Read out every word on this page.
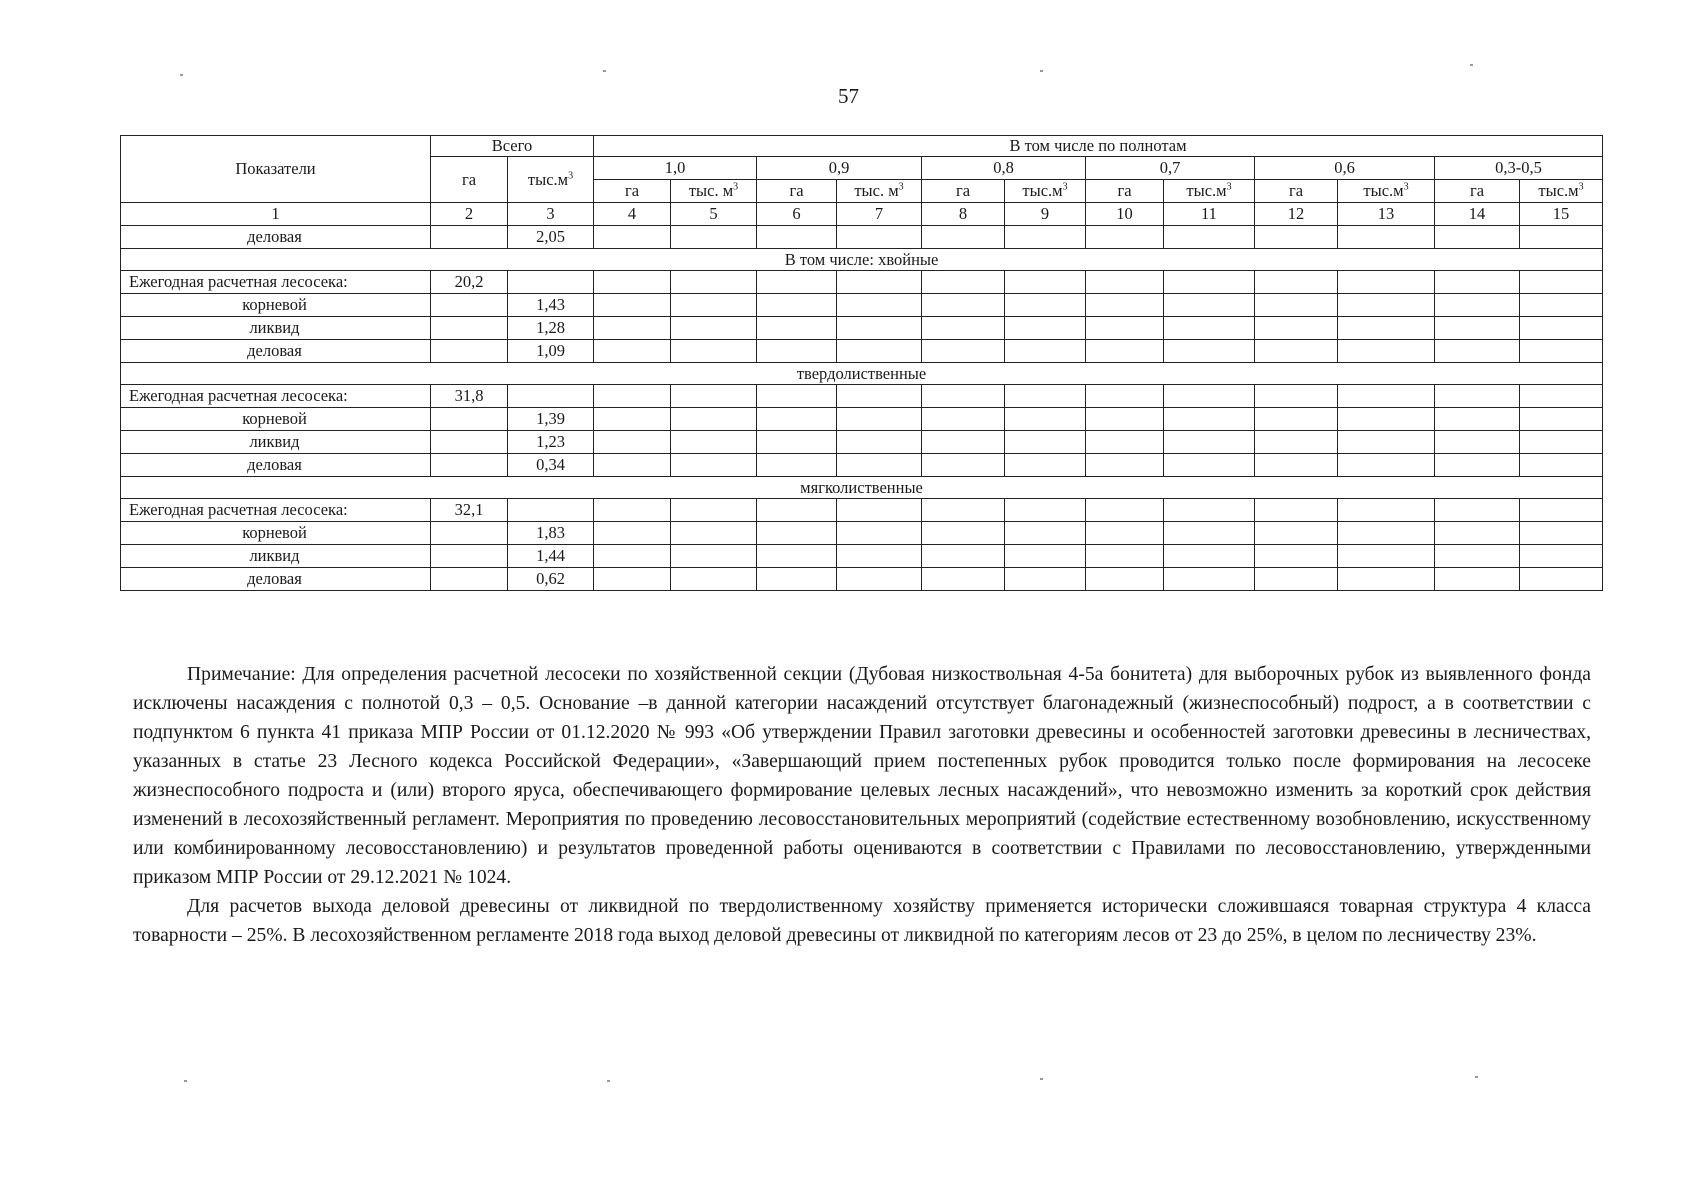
57
Показатели	Всего		В том числе по полнотам											
	га	$тыс.м^3$	1,0		0,9		0,8		0,7		0,6		0,3-0,5	
			га	тыс. $м^3$	га	тыс. $м^3$	га	$тыс.м^3$	га	$тыс.м^3$	га	$тыс.м^3$	га	$тыс.м^3$
1	2	3	4	5	6	7	8	9	10	11	12	13	14	15
деловая		2,05												
В том числе: хвойные														
Ежегодная расчетная лесосека:	20,2													
корневой		1,43												
ликвид		1,28												
деловая		1,09												
твердолиственные														
Ежегодная расчетная лесосека:	31,8													
корневой		1,39												
ликвид		1,23												
деловая		0,34												
мягколиственные														
Ежегодная расчетная лесосека:	32,1													
корневой		1,83												
ликвид		1,44												
деловая		0,62												

Примечание: Для определения расчетной лесосеки по хозяйственной секции (Дубовая низкоствольная 4-5а бонитета) для выборочных рубок из выявленного фонда исключены насаждения с полнотой 0,3 – 0,5. Основание –в данной категории насаждений отсутствует благонадежный (жизнеспособный) подрост, а в соответствии с подпунктом 6 пункта 41 приказа МПР России от 01.12.2020 № 993 «Об утверждении Правил заготовки древесины и особенностей заготовки древесины в лесничествах, указанных в статье 23 Лесного кодекса Российской Федерации», «Завершающий прием постепенных рубок проводится только после формирования на лесосеке жизнеспособного подроста и (или) второго яруса, обеспечивающего формирование целевых лесных насаждений», что невозможно изменить за короткий срок действия изменений в лесохозяйственный регламент. Мероприятия по проведению лесовосстановительных мероприятий (содействие естественному возобновлению, искусственному или комбинированному лесовосстановлению) и результатов проведенной работы оцениваются в соответствии с Правилами по лесовосстановлению, утвержденными приказом МПР России от 29.12.2021 № 1024.

Для расчетов выхода деловой древесины от ликвидной по твердолиственному хозяйству применяется исторически сложившаяся товарная структура 4 класса товарности – 25%. В лесохозяйственном регламенте 2018 года выход деловой древесины от ликвидной по категориям лесов от 23 до 25%, в целом по лесничеству 23%.
